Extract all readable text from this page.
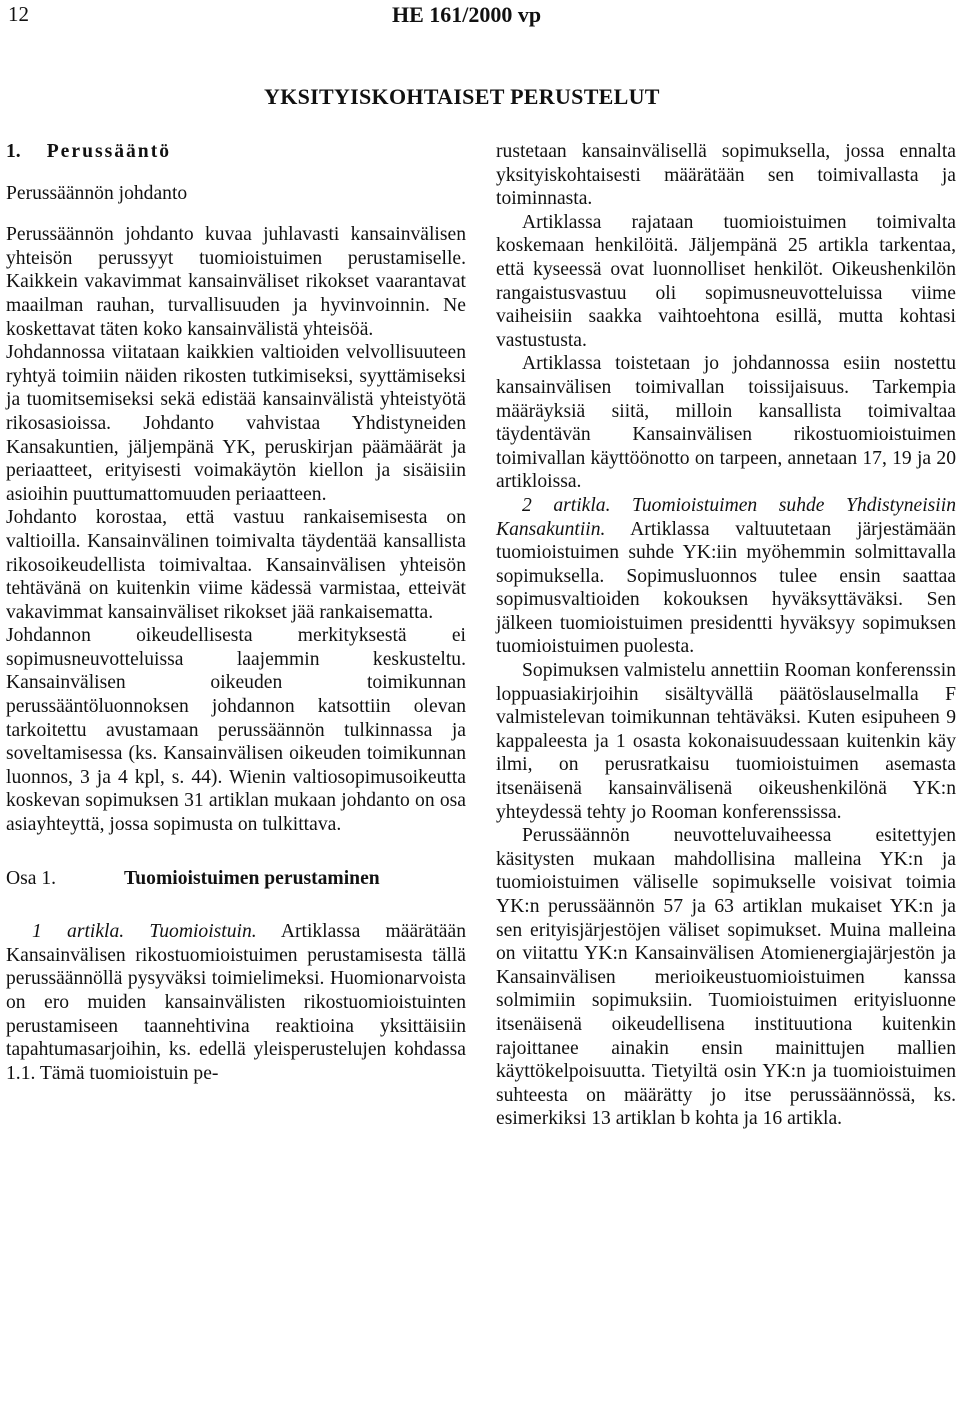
12	HE 161/2000 vp
YKSITYISKOHTAISET PERUSTELUT
1. Perussääntö
Perussäännön johdanto

Perussäännön johdanto kuvaa juhlavasti kansainvälisen yhteisön perussyyt tuomioistuimen perustamiselle. Kaikkein vakavimmat kansainväliset rikokset vaarantavat maailman rauhan, turvallisuuden ja hyvinvoinnin. Ne koskettavat täten koko kansainvälistä yhteisöä.

Johdannossa viitataan kaikkien valtioiden velvollisuuteen ryhtyä toimiin näiden rikosten tutkimiseksi, syyttämiseksi ja tuomitsemiseksi sekä edistää kansainvälistä yhteistyötä rikosasioissa. Johdanto vahvistaa Yhdistyneiden Kansakuntien, jäljempänä YK, peruskirjan päämäärät ja periaatteet, erityisesti voimakäytön kiellon ja sisäisiin asioihin puuttumattomuuden periaatteen.

Johdanto korostaa, että vastuu rankaisemisesta on valtioilla. Kansainvälinen toimivalta täydentää kansallista rikosoikeudellista toimivaltaa. Kansainvälisen yhteisön tehtävänä on kuitenkin viime kädessä varmistaa, etteivät vakavimmat kansainväliset rikokset jää rankaisematta.

Johdannon oikeudellisesta merkityksestä ei sopimusneuvotteluissa laajemmin keskusteltu. Kansainvälisen oikeuden toimikunnan perussääntöluonnoksen johdannon katsottiin olevan tarkoitettu avustamaan perussäännön tulkinnassa ja soveltamisessa (ks. Kansainvälisen oikeuden toimikunnan luonnos, 3 ja 4 kpl, s. 44). Wienin valtiosopimusoikeutta koskevan sopimuksen 31 artiklan mukaan johdanto on osa asiayhteyttä, jossa sopimusta on tulkittava.

Osa 1.	Tuomioistuimen perustaminen

1 artikla. Tuomioistuin. Artiklassa määrätään Kansainvälisen rikostuomioistuimen perustamisesta tällä perussäännöllä pysyväksi toimielimeksi. Huomionarvoista on ero muiden kansainvälisten rikostuomioistuinten perustamiseen taannehtivina reaktioina yksittäisiin tapahtumasarjoihin, ks. edellä yleisperustelujen kohdassa 1.1. Tämä tuomioistuin pe-

rustetaan kansainvälisellä sopimuksella, jossa ennalta yksityiskohtaisesti määrätään sen toimivallasta ja toiminnasta.

Artiklassa rajataan tuomioistuimen toimivalta koskemaan henkilöitä. Jäljempänä 25 artikla tarkentaa, että kyseessä ovat luonnolliset henkilöt. Oikeushenkilön rangaistusvastuu oli sopimusneuvotteluissa viime vaiheisiin saakka vaihtoehtona esillä, mutta kohtasi vastustusta.

Artiklassa toistetaan jo johdannossa esiin nostettu kansainvälisen toimivallan toissijaisuus. Tarkempia määräyksiä siitä, milloin kansallista toimivaltaa täydentävän Kansainvälisen rikostuomioistuimen toimivallan käyttöönotto on tarpeen, annetaan 17, 19 ja 20 artikloissa.

2 artikla. Tuomioistuimen suhde Yhdistyneisiin Kansakuntiin. Artiklassa valtuutetaan järjestämään tuomioistuimen suhde YK:iin myöhemmin solmittavalla sopimuksella. Sopimusluonnos tulee ensin saattaa sopimusvaltioiden kokouksen hyväksyttäväksi. Sen jälkeen tuomioistuimen presidentti hyväksyy sopimuksen tuomioistuimen puolesta.

Sopimuksen valmistelu annettiin Rooman konferenssin loppuasiakirjoihin sisältyvällä päätöslauselmalla F valmistelevan toimikunnan tehtäväksi. Kuten esipuheen 9 kappaleesta ja 1 osasta kokonaisuudessaan kuitenkin käy ilmi, on perusratkaisu tuomioistuimen asemasta itsenäisenä kansainvälisenä oikeushenkilönä YK:n yhteydessä tehty jo Rooman konferenssissa.

Perussäännön neuvotteluvaiheessa esitettyjen käsitysten mukaan mahdollisina malleina YK:n ja tuomioistuimen väliselle sopimukselle voisivat toimia YK:n perussäännön 57 ja 63 artiklan mukaiset YK:n ja sen erityisjärjestöjen väliset sopimukset. Muina malleina on viitattu YK:n Kansainvälisen Atomienergiajärjestön ja Kansainvälisen merioikeustuomioistuimen kanssa solmimiin sopimuksiin. Tuomioistuimen erityisluonne itsenäisenä oikeudellisena instituutiona kuitenkin rajoittanee ainakin ensin mainittujen mallien käyttökelpoisuutta. Tietyiltä osin YK:n ja tuomioistuimen suhteesta on määrätty jo itse perussäännössä, ks. esimerkiksi 13 artiklan b kohta ja 16 artikla.
